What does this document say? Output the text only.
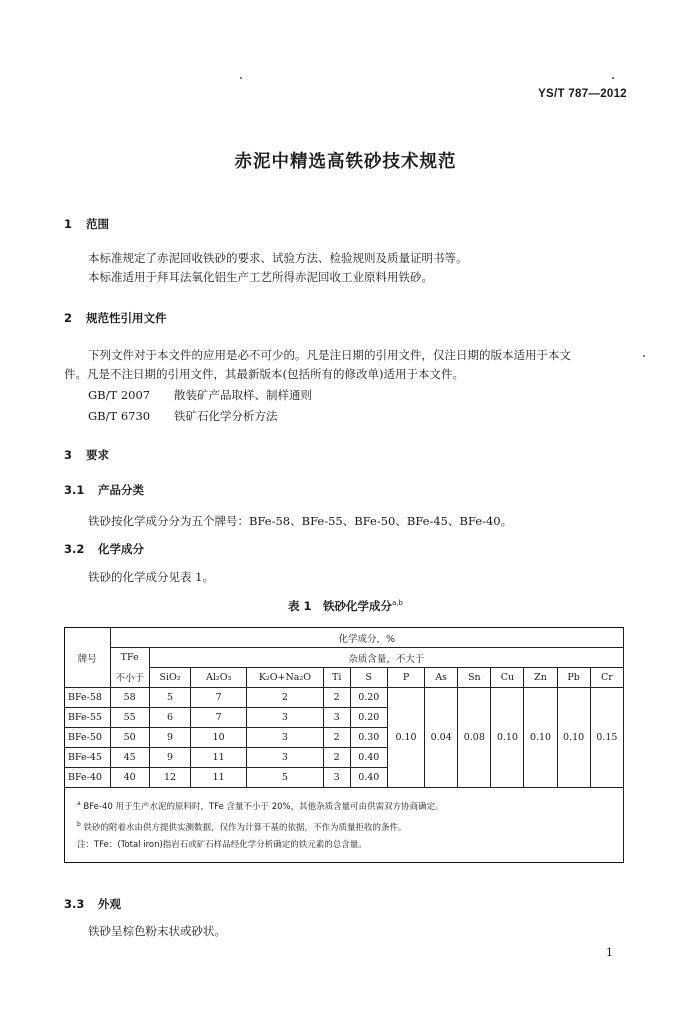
YS/T 787—2012
赤泥中精选高铁砂技术规范
1 范围
本标准规定了赤泥回收铁砂的要求、试验方法、检验规则及质量证明书等。
本标准适用于拜耳法氧化铝生产工艺所得赤泥回收工业原料用铁砂。
2 规范性引用文件
下列文件对于本文件的应用是必不可少的。凡是注日期的引用文件，仅注日期的版本适用于本文
件。凡是不注日期的引用文件，其最新版本(包括所有的修改单)适用于本文件。
GB/T 2007 散装矿产品取样、制样通则
GB/T 6730 铁矿石化学分析方法
3 要求
3.1 产品分类
铁砂按化学成分分为五个牌号：BFe-58、BFe-55、BFe-50、BFe-45、BFe-40。
3.2 化学成分
铁砂的化学成分见表 1。
表 1　铁砂化学成分$^{a,b}$
牌号	化学成分，%												
	TFe	杂质含量，不大于											
	不小于	SiO₂	Al₂O₃	K₂O+Na₂O	Ti	S	P	As	Sn	Cu	Zn	Pb	Cr
BFe-58	58	5	7	2	2	0.20	0.10	0.04	0.08	0.10	0.10	0.10	0.15
BFe-55	55	6	7	3	3	0.20							
BFe-50	50	9	10	3	2	0.30							
BFe-45	45	9	11	3	2	0.40							
BFe-40	40	12	11	5	3	0.40							

$^a$ BFe-40 用于生产水泥的原料时，TFe 含量不小于 20%，其他杂质含量可由供需双方协商确定。
$^b$ 铁砂的附着水由供方提供实测数据，仅作为计算干基的依据，不作为质量拒收的条件。
注：TFe：(Total iron)指岩石或矿石样品经化学分析确定的铁元素的总含量。													
3.3 外观
铁砂呈棕色粉末状或砂状。
1
